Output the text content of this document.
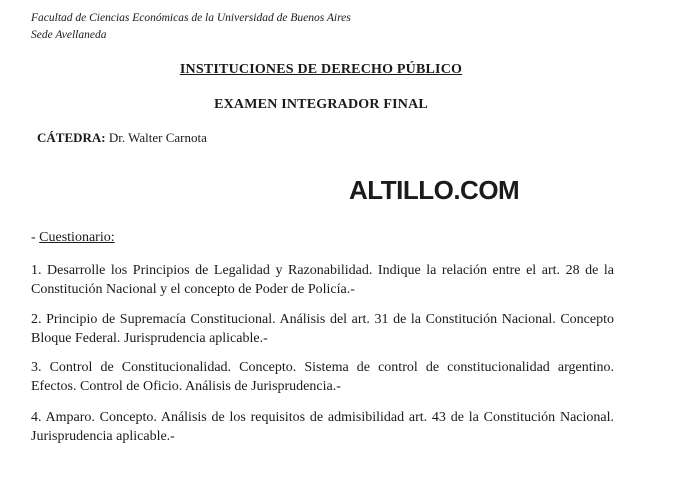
Facultad de Ciencias Económicas de la Universidad de Buenos Aires
Sede Avellaneda
INSTITUCIONES DE DERECHO PÚBLICO
EXAMEN INTEGRADOR FINAL
CÁTEDRA: Dr. Walter Carnota
ALTILLO.COM
- Cuestionario:
1. Desarrolle los Principios de Legalidad y Razonabilidad. Indique la relación entre el art. 28 de la Constitución Nacional y el concepto de Poder de Policía.-
2. Principio de Supremacía Constitucional. Análisis del art. 31 de la Constitución Nacional. Concepto Bloque Federal. Jurisprudencia aplicable.-
3. Control de Constitucionalidad. Concepto. Sistema de control de constitucionalidad argentino. Efectos. Control de Oficio. Análisis de Jurisprudencia.-
4. Amparo. Concepto. Análisis de los requisitos de admisibilidad art. 43 de la Constitución Nacional. Jurisprudencia aplicable.-
